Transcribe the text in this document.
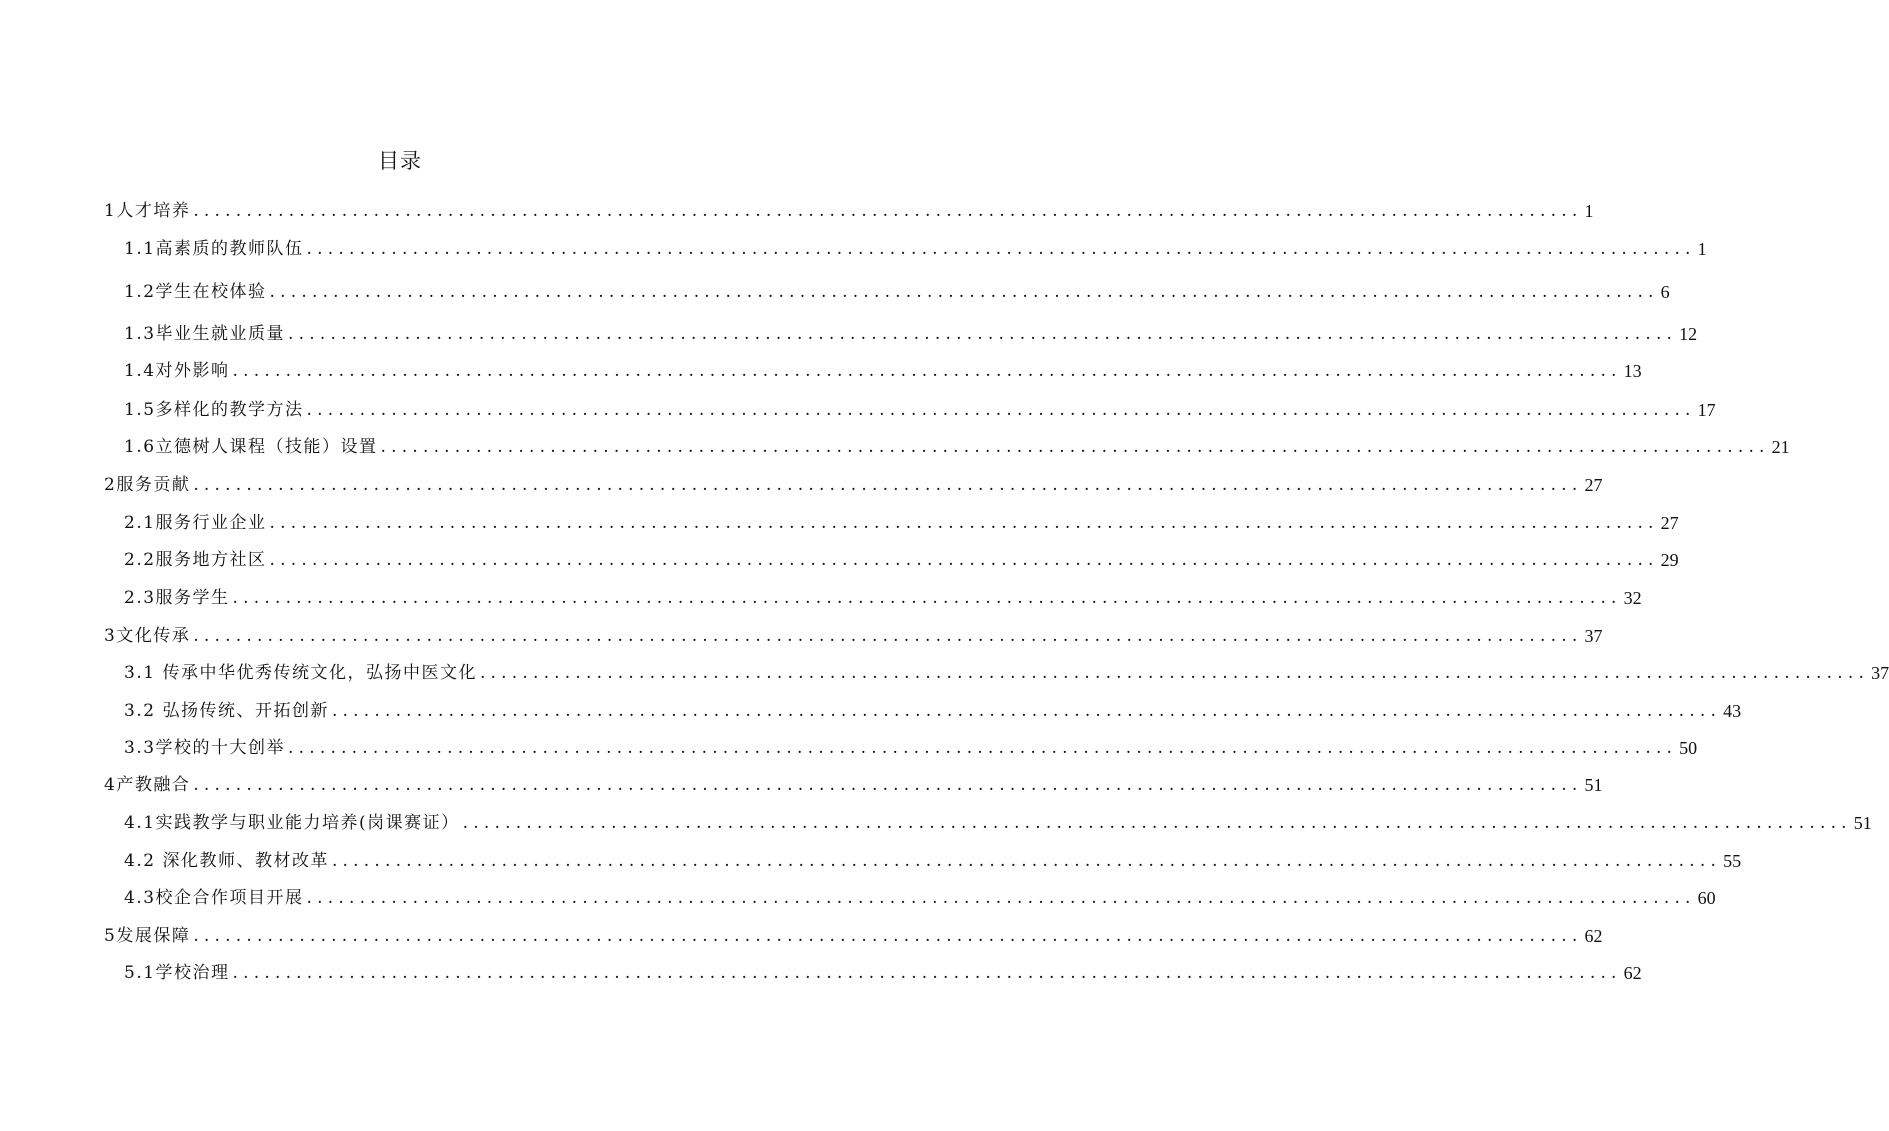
目录
1人才培养 ................................................................................................................................... 1
1.1高素质的教师队伍 ................................................................................................................................... 1
1.2学生在校体验 ................................................................................................................................... 6
1.3毕业生就业质量 ................................................................................................................................... 12
1.4对外影响 ................................................................................................................................... 13
1.5多样化的教学方法 ................................................................................................................................... 17
1.6立德树人课程（技能）设置 ................................................................................................................................... 21
2服务贡献 ................................................................................................................................... 27
2.1服务行业企业 ................................................................................................................................... 27
2.2服务地方社区 ................................................................................................................................... 29
2.3服务学生 ................................................................................................................................... 32
3文化传承 ................................................................................................................................... 37
3.1 传承中华优秀传统文化，弘扬中医文化 ................................................................................................................................... 37
3.2 弘扬传统、开拓创新 ................................................................................................................................... 43
3.3学校的十大创举 ................................................................................................................................... 50
4产教融合 ................................................................................................................................... 51
4.1实践教学与职业能力培养(岗课赛证） ................................................................................................................................... 51
4.2 深化教师、教材改革 ................................................................................................................................... 55
4.3校企合作项目开展 ................................................................................................................................... 60
5发展保障 ................................................................................................................................... 62
5.1学校治理 ................................................................................................................................... 62
